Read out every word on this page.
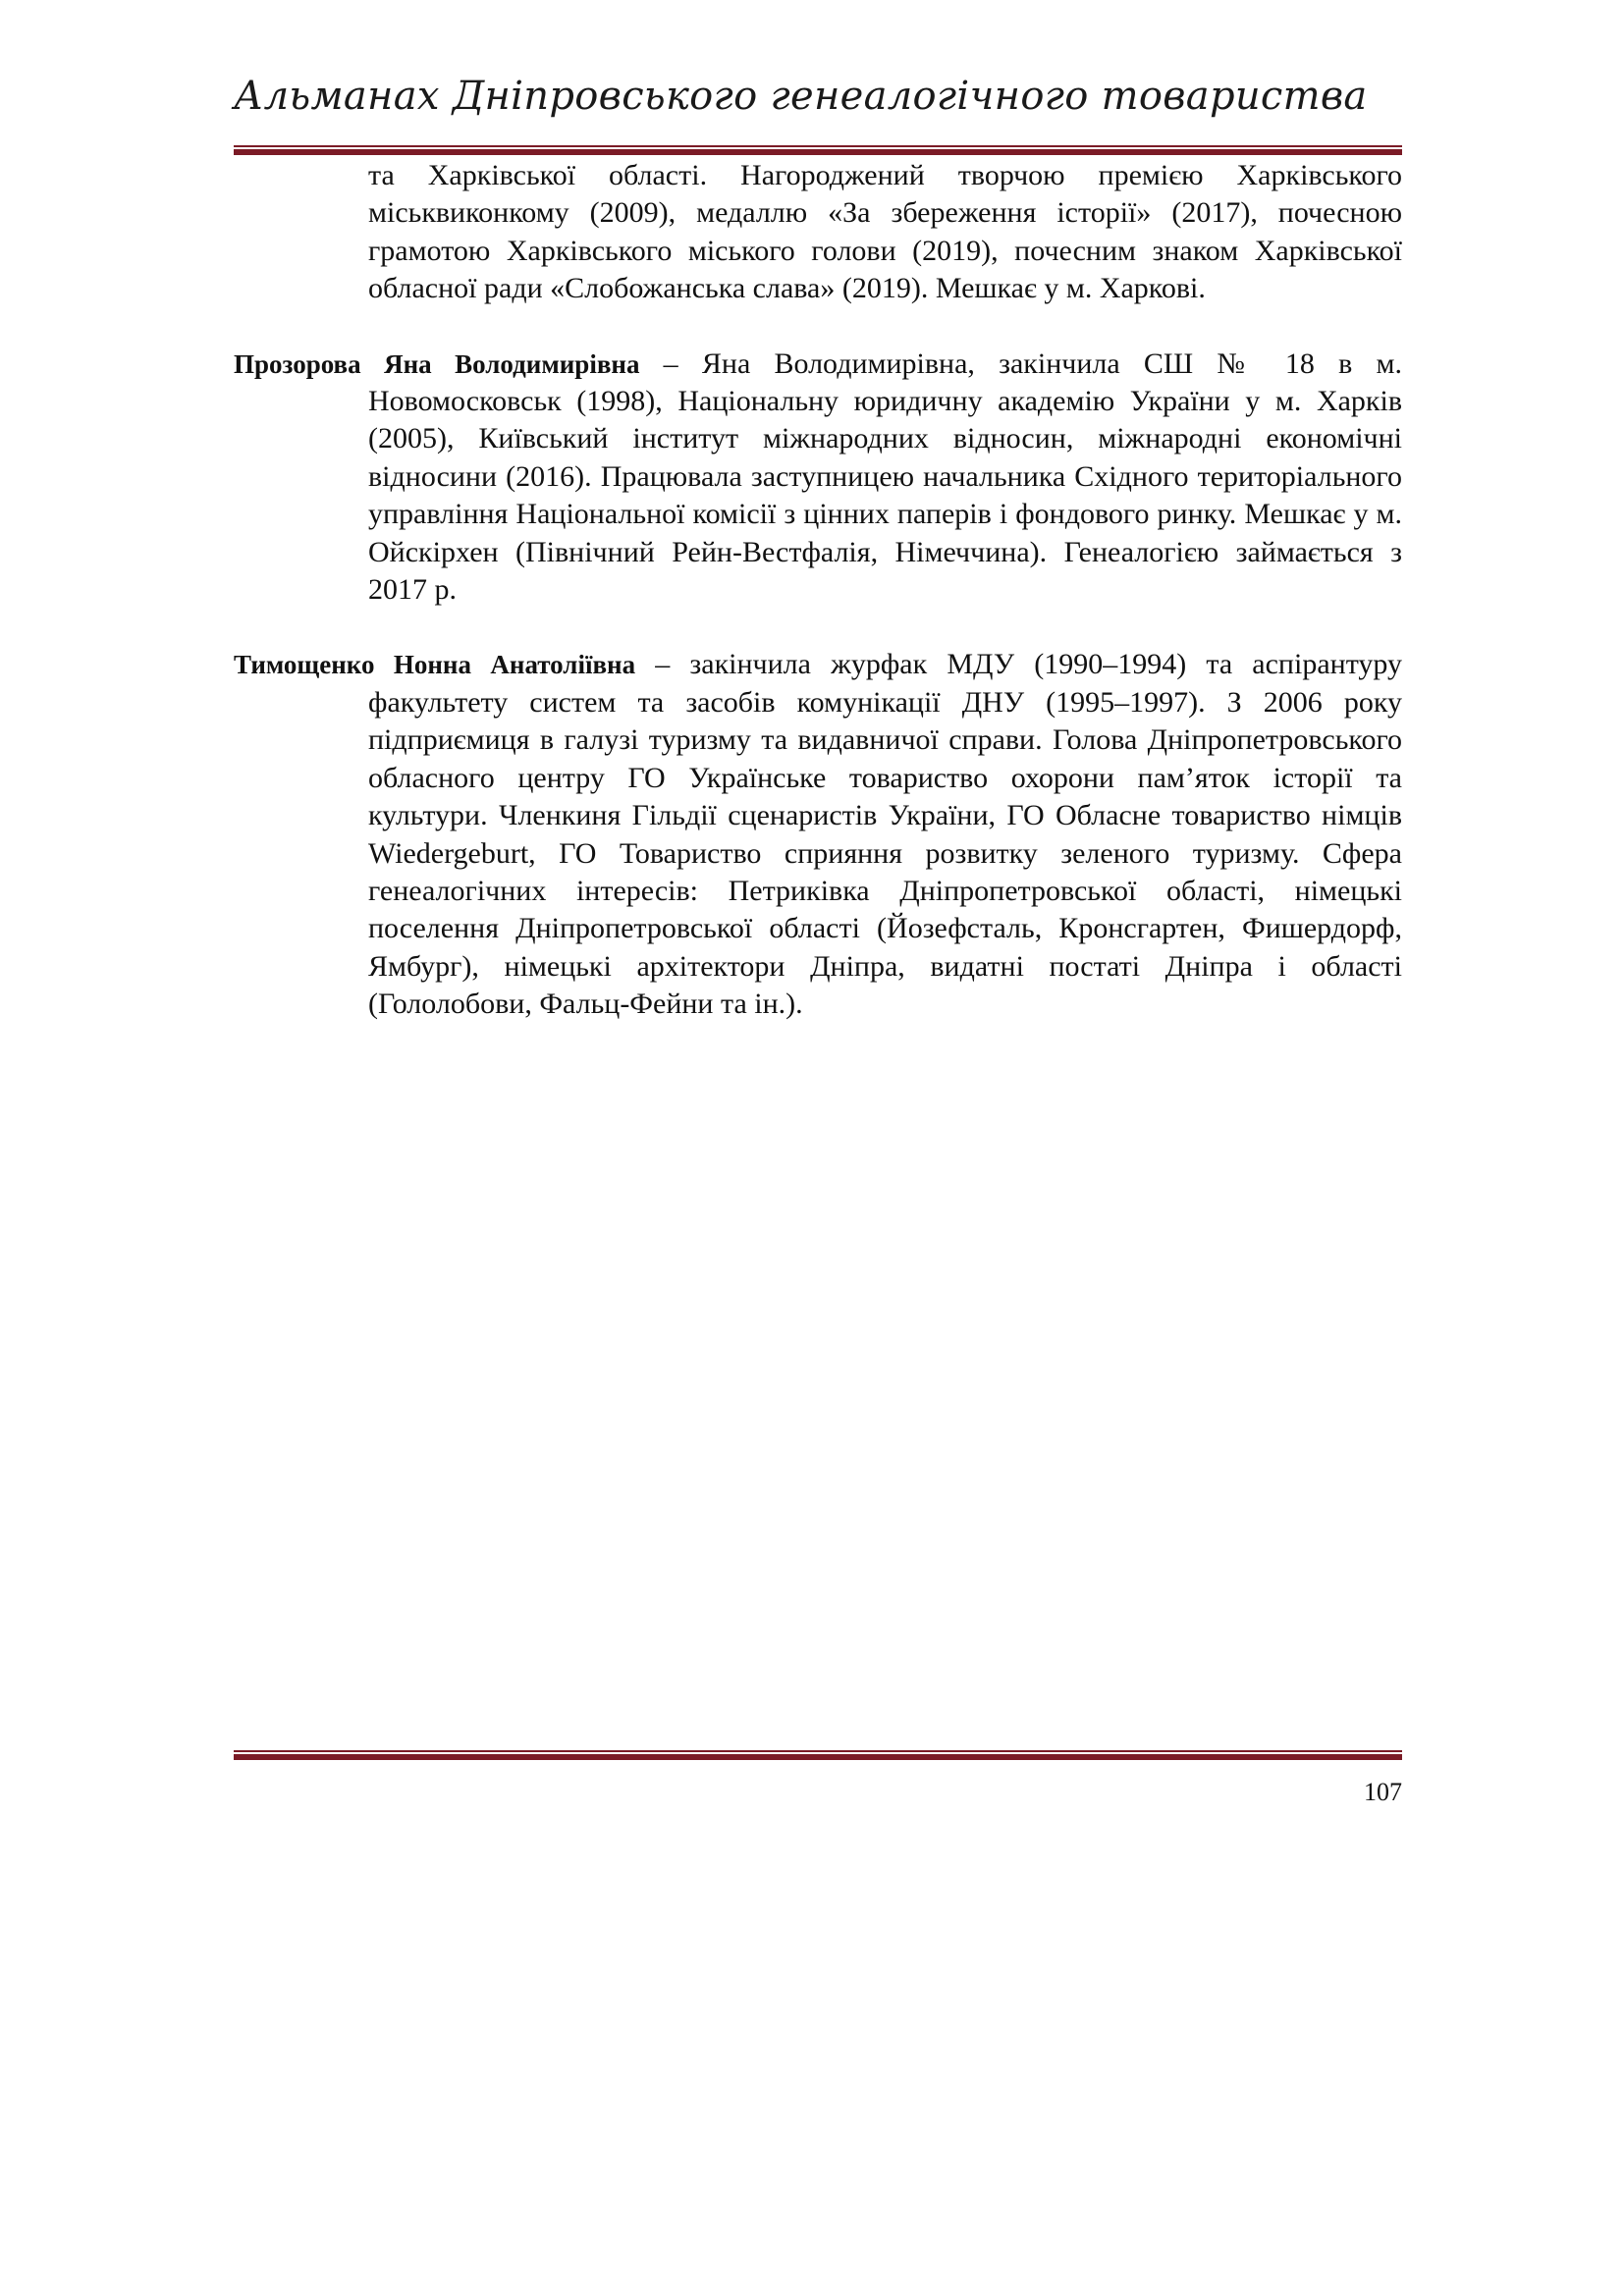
Альманах Дніпровського генеалогічного товариства

та Харківської області. Нагороджений творчою премією Харківського міськвиконкому (2009), медаллю «За збереження історії» (2017), почесною грамотою Харківського міського голови (2019), почесним знаком Харківської обласної ради «Слобожанська слава» (2019). Мешкає у м. Харкові.

Прозорова Яна Володимирівна – Яна Володимирівна, закінчила СШ № 18 в м. Новомосковськ (1998), Національну юридичну академію України у м. Харків (2005), Київський інститут міжнародних відносин, міжнародні економічні відносини (2016). Працювала заступницею начальника Східного територіального управління Національної комісії з цінних паперів і фондового ринку. Мешкає у м. Ойскірхен (Північний Рейн-Вестфалія, Німеччина). Генеалогією займається з 2017 р.

Тимощенко Нонна Анатоліївна – закінчила журфак МДУ (1990–1994) та аспірантуру факультету систем та засобів комунікації ДНУ (1995–1997). З 2006 року підприємиця в галузі туризму та видавничої справи. Голова Дніпропетровського обласного центру ГО Українське товариство охорони пам’яток історії та культури. Членкиня Гільдії сценаристів України, ГО Обласне товариство німців Wiedergeburt, ГО Товариство сприяння розвитку зеленого туризму. Сфера генеалогічних інтересів: Петриківка Дніпропетровської області, німецькі поселення Дніпропетровської області (Йозефсталь, Кронсгартен, Фишердорф, Ямбург), німецькі архітектори Дніпра, видатні постаті Дніпра і області (Гололобови, Фальц-Фейни та ін.).

107
